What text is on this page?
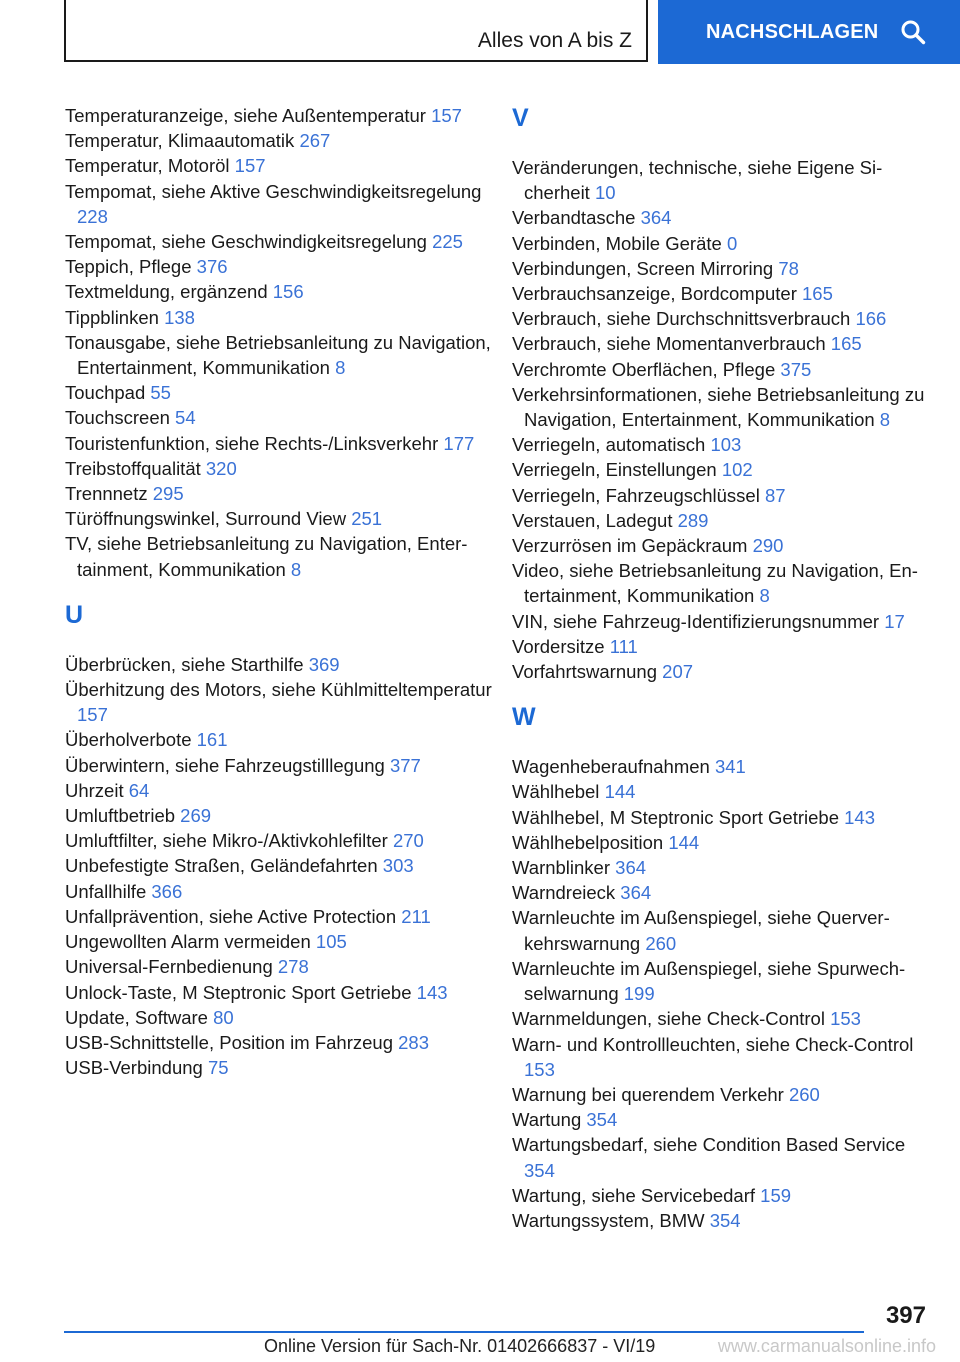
Alles von A bis Z	NACHSCHLAGEN

Temperaturanzeige, siehe Außentemperatur 157

Temperatur, Klimaautomatik 267

Temperatur, Motoröl 157

Tempomat, siehe Aktive Geschwindigkeitsregelung 228

Tempomat, siehe Geschwindigkeitsregelung 225

Teppich, Pflege 376

Textmeldung, ergänzend 156

Tippblinken 138

Tonausgabe, siehe Betriebsanleitung zu Navigation, Entertainment, Kommunikation 8

Touchpad 55

Touchscreen 54

Touristenfunktion, siehe Rechts-/Linksverkehr 177

Treibstoffqualität 320

Trennnetz 295

Türöffnungswinkel, Surround View 251

TV, siehe Betriebsanleitung zu Navigation, Entertainment, Kommunikation 8

U

Überbrücken, siehe Starthilfe 369

Überhitzung des Motors, siehe Kühlmitteltemperatur 157

Überholverbote 161

Überwintern, siehe Fahrzeugstilllegung 377

Uhrzeit 64

Umluftbetrieb 269

Umluftfilter, siehe Mikro-/Aktivkohlefilter 270

Unbefestigte Straßen, Geländefahrten 303

Unfallhilfe 366

Unfallprävention, siehe Active Protection 211

Ungewollten Alarm vermeiden 105

Universal-Fernbedienung 278

Unlock-Taste, M Steptronic Sport Getriebe 143

Update, Software 80

USB-Schnittstelle, Position im Fahrzeug 283

USB-Verbindung 75

V

Veränderungen, technische, siehe Eigene Sicherheit 10

Verbandtasche 364

Verbinden, Mobile Geräte 0

Verbindungen, Screen Mirroring 78

Verbrauchsanzeige, Bordcomputer 165

Verbrauch, siehe Durchschnittsverbrauch 166

Verbrauch, siehe Momentanverbrauch 165

Verchromte Oberflächen, Pflege 375

Verkehrsinformationen, siehe Betriebsanleitung zu Navigation, Entertainment, Kommunikation 8

Verriegeln, automatisch 103

Verriegeln, Einstellungen 102

Verriegeln, Fahrzeugschlüssel 87

Verstauen, Ladegut 289

Verzurrösen im Gepäckraum 290

Video, siehe Betriebsanleitung zu Navigation, Entertainment, Kommunikation 8

VIN, siehe Fahrzeug-Identifizierungsnummer 17

Vordersitze 111

Vorfahrtswarnung 207

W

Wagenheberaufnahmen 341

Wählhebel 144

Wählhebel, M Steptronic Sport Getriebe 143

Wählhebelposition 144

Warnblinker 364

Warndreieck 364

Warnleuchte im Außenspiegel, siehe Querverkehrswarnung 260

Warnleuchte im Außenspiegel, siehe Spurwechselwarnung 199

Warnmeldungen, siehe Check-Control 153

Warn- und Kontrollleuchten, siehe Check-Control 153

Warnung bei querendem Verkehr 260

Wartung 354

Wartungsbedarf, siehe Condition Based Service 354

Wartung, siehe Servicebedarf 159

Wartungssystem, BMW 354

397
Online Version für Sach-Nr. 01402666837 - VI/19	www.carmanualsonline.info
